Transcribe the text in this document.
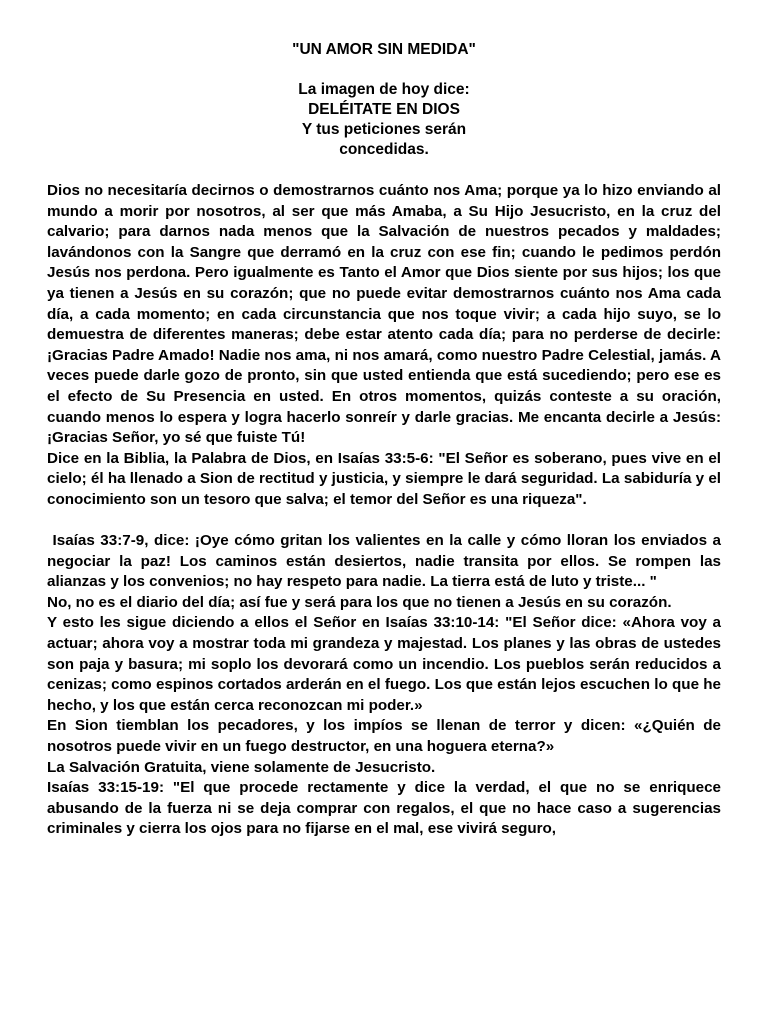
"UN AMOR SIN MEDIDA"
La imagen de hoy dice:
DELÉITATE EN DIOS
Y tus peticiones serán
concedidas.

Dios no necesitaría decirnos o demostrarnos cuánto nos Ama; porque ya lo hizo enviando al mundo a morir por nosotros, al ser que más Amaba, a Su Hijo Jesucristo, en la cruz del calvario; para darnos nada menos que la Salvación de nuestros pecados y maldades; lavándonos con la Sangre que derramó en la cruz con ese fin; cuando le pedimos perdón Jesús nos perdona. Pero igualmente es Tanto el Amor que Dios siente por sus hijos; los que ya tienen a Jesús en su corazón; que no puede evitar demostrarnos cuánto nos Ama cada día, a cada momento; en cada circunstancia que nos toque vivir; a cada hijo suyo, se lo demuestra de diferentes maneras; debe estar atento cada día; para no perderse de decirle: ¡Gracias Padre Amado! Nadie nos ama, ni nos amará, como nuestro Padre Celestial, jamás. A veces puede darle gozo de pronto, sin que usted entienda que está sucediendo; pero ese es el efecto de Su Presencia en usted. En otros momentos, quizás conteste a su oración, cuando menos lo espera y logra hacerlo sonreír y darle gracias. Me encanta decirle a Jesús: ¡Gracias Señor, yo sé que fuiste Tú!

Dice en la Biblia, la Palabra de Dios, en Isaías 33:5-6: "El Señor es soberano, pues vive en el cielo; él ha llenado a Sion de rectitud y justicia, y siempre le dará seguridad. La sabiduría y el conocimiento son un tesoro que salva; el temor del Señor es una riqueza".

Isaías 33:7-9, dice: ¡Oye cómo gritan los valientes en la calle y cómo lloran los enviados a negociar la paz! Los caminos están desiertos, nadie transita por ellos. Se rompen las alianzas y los convenios; no hay respeto para nadie. La tierra está de luto y triste... "

No, no es el diario del día; así fue y será para los que no tienen a Jesús en su corazón.

Y esto les sigue diciendo a ellos el Señor en Isaías 33:10-14: "El Señor dice: «Ahora voy a actuar; ahora voy a mostrar toda mi grandeza y majestad. Los planes y las obras de ustedes son paja y basura; mi soplo los devorará como un incendio. Los pueblos serán reducidos a cenizas; como espinos cortados arderán en el fuego. Los que están lejos escuchen lo que he hecho, y los que están cerca reconozcan mi poder.»

En Sion tiemblan los pecadores, y los impíos se llenan de terror y dicen: «¿Quién de nosotros puede vivir en un fuego destructor, en una hoguera eterna?»

La Salvación Gratuita, viene solamente de Jesucristo.

Isaías 33:15-19: "El que procede rectamente y dice la verdad, el que no se enriquece abusando de la fuerza ni se deja comprar con regalos, el que no hace caso a sugerencias criminales y cierra los ojos para no fijarse en el mal, ese vivirá seguro,
